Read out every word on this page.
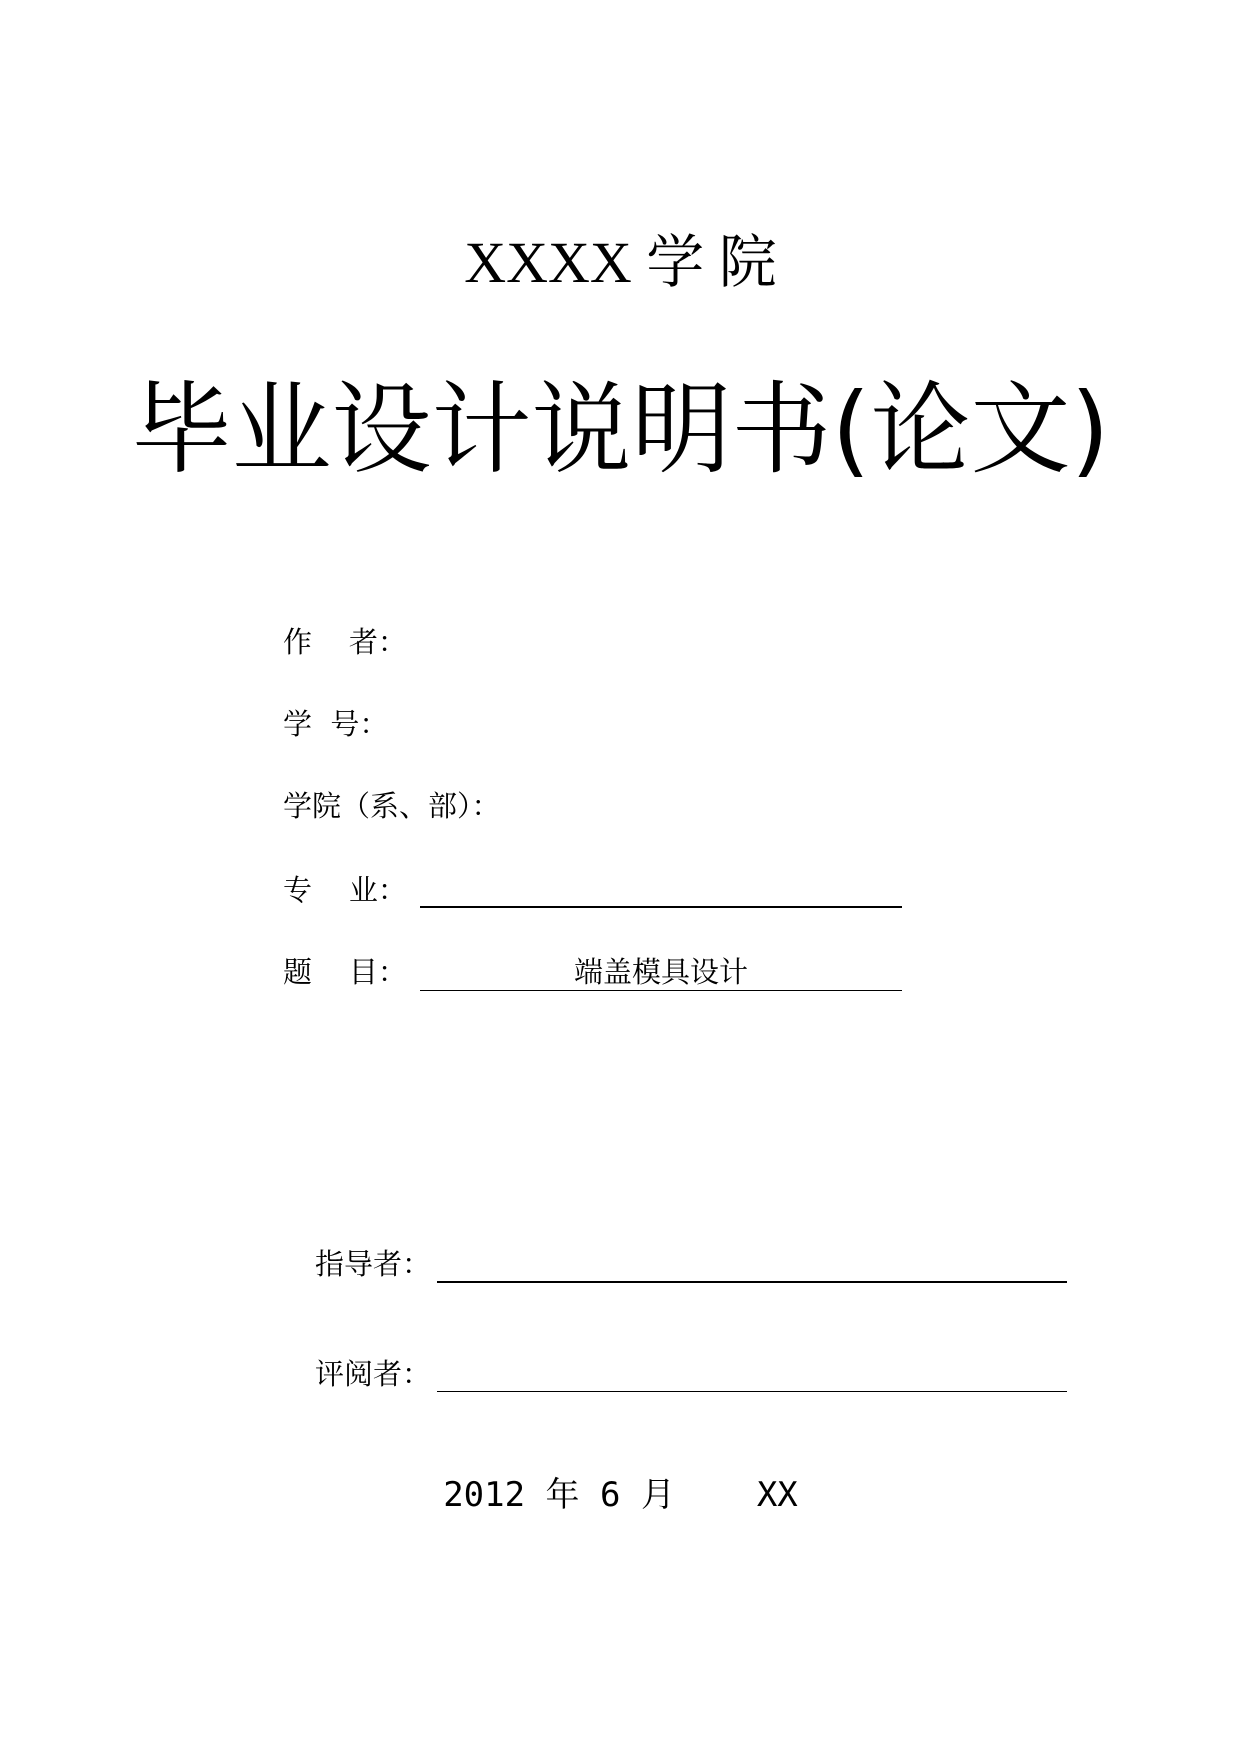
XXXX 学 院
毕业设计说明书(论文)
作    者：
学  号：
学院（系、部）：
专    业：
题    目：	端盖模具设计
指导者：
评阅者：
2012 年 6 月    XX
